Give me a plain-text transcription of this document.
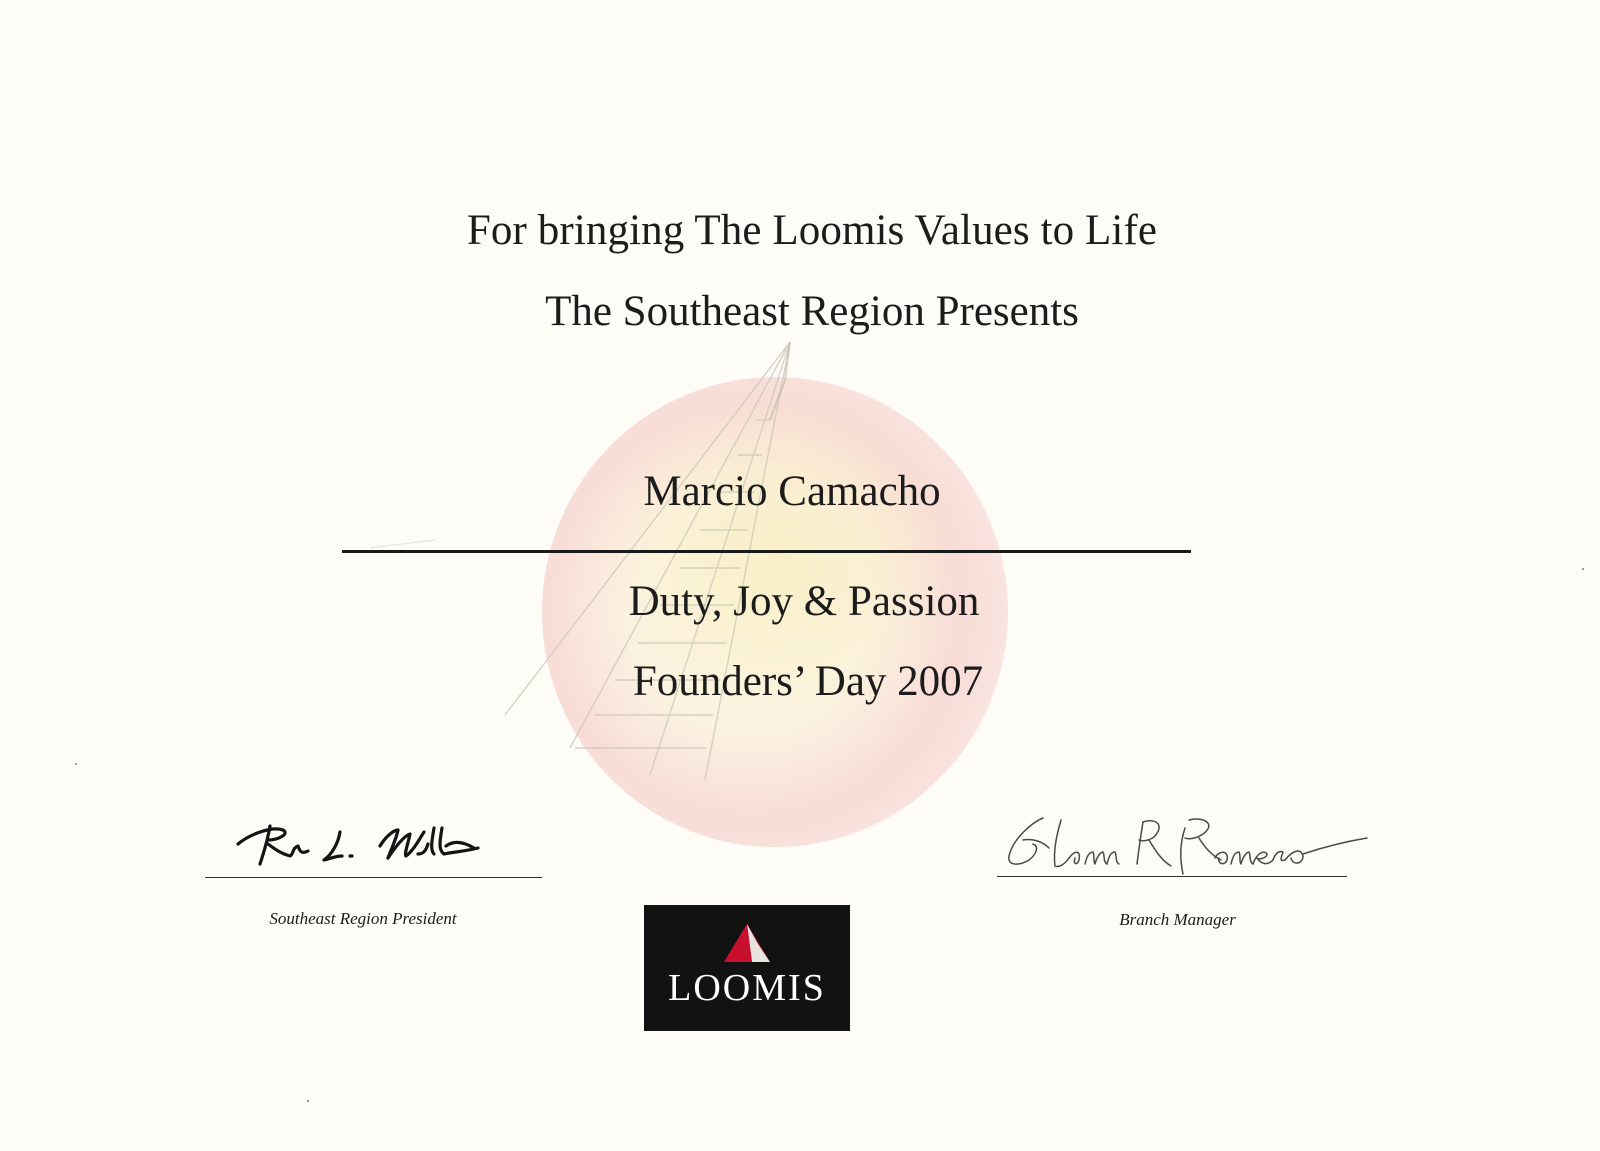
For bringing The Loomis Values to Life
The Southeast Region Presents
Marcio Camacho
Duty, Joy & Passion
Founders’ Day 2007
Southeast Region President	Branch Manager
LOOMIS
